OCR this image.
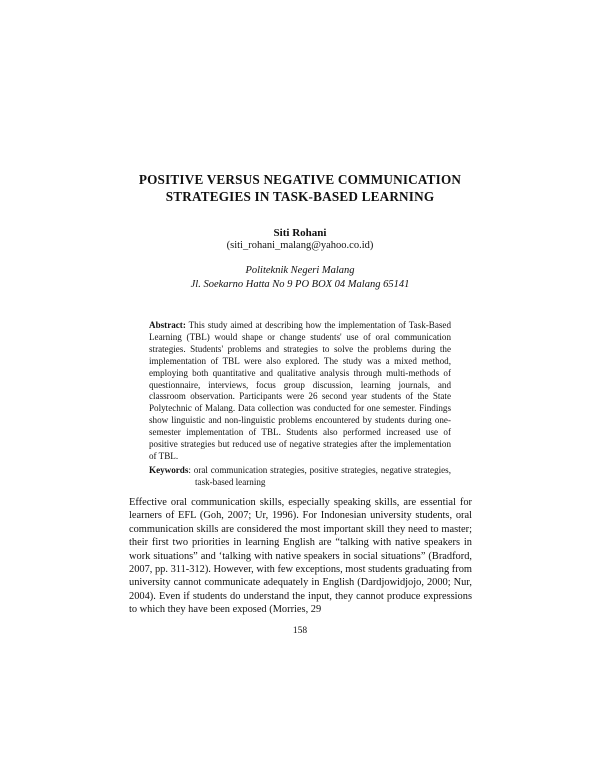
POSITIVE VERSUS NEGATIVE COMMUNICATION
STRATEGIES IN TASK-BASED LEARNING
Siti Rohani
(siti_rohani_malang@yahoo.co.id)
Politeknik Negeri Malang
Jl. Soekarno Hatta No 9 PO BOX 04 Malang 65141
Abstract: This study aimed at describing how the implementation of Task-Based Learning (TBL) would shape or change students' use of oral communication strategies. Students' problems and strategies to solve the problems during the implementation of TBL were also explored. The study was a mixed method, employing both quantitative and qualitative analysis through multi-methods of questionnaire, interviews, focus group discussion, learning journals, and classroom observation. Participants were 26 second year students of the State Polytechnic of Malang. Data collection was conducted for one semester. Findings show linguistic and non-linguistic problems encountered by students during one-semester implementation of TBL. Students also performed increased use of positive strategies but reduced use of negative strategies after the implementation of TBL.
Keywords: oral communication strategies, positive strategies, negative strategies, task-based learning
Effective oral communication skills, especially speaking skills, are essential for learners of EFL (Goh, 2007; Ur, 1996). For Indonesian university students, oral communication skills are considered the most important skill they need to master; their first two priorities in learning English are “talking with native speakers in work situations” and ‘talking with native speakers in social situations” (Bradford, 2007, pp. 311-312). However, with few exceptions, most students graduating from university cannot communicate adequately in English (Dardjowidjojo, 2000; Nur, 2004). Even if students do understand the input, they cannot produce expressions to which they have been exposed (Morries, 29
158
